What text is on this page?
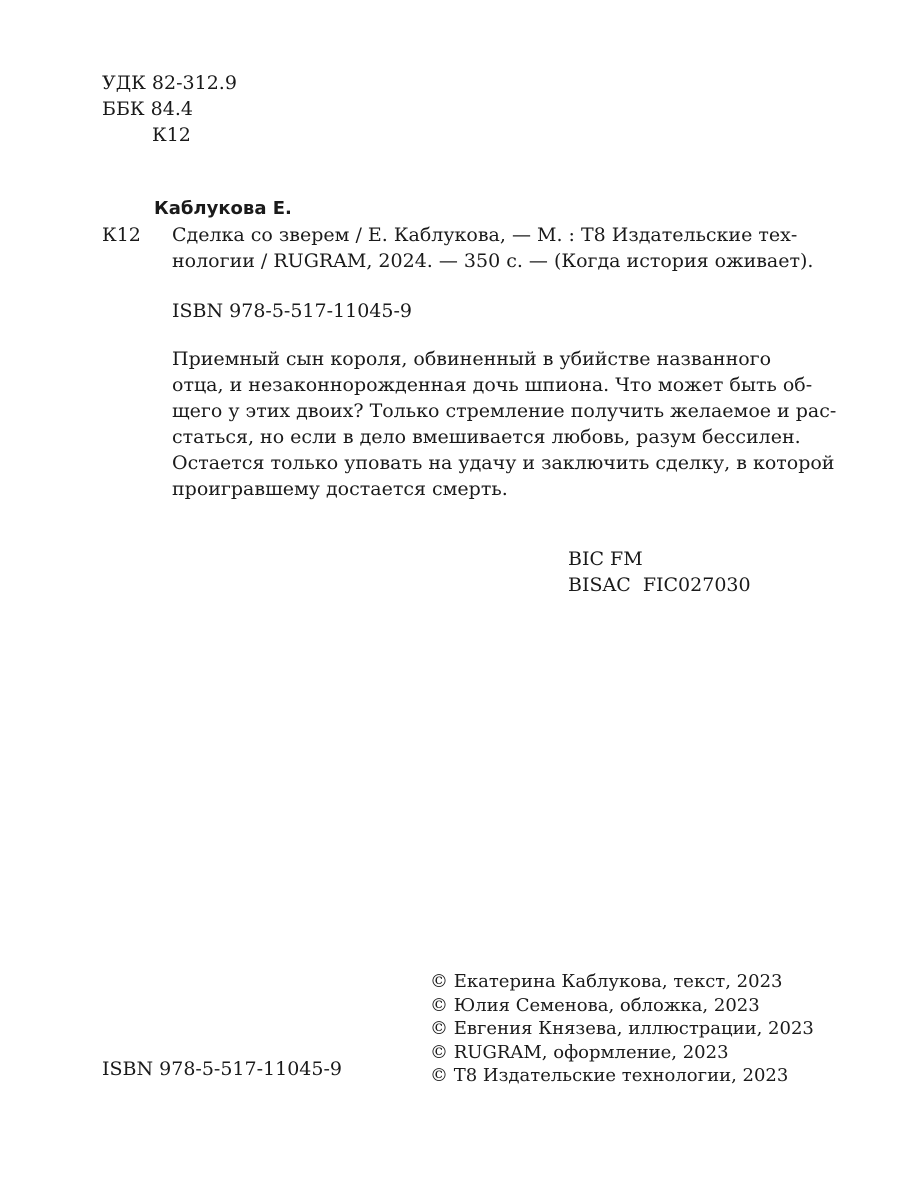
УДК 82-312.9
ББК 84.4
К12
Каблукова Е.
К12 Сделка со зверем / Е. Каблукова, — М. : Т8 Издательские тех-
нологии / RUGRAM, 2024. — 350 с. — (Когда история оживает).
ISBN 978-5-517-11045-9
Приемный сын короля, обвиненный в убийстве названного
отца, и незаконнорожденная дочь шпиона. Что может быть об-
щего у этих двоих? Только стремление получить желаемое и рас-
статься, но если в дело вмешивается любовь, разум бессилен.
Остается только уповать на удачу и заключить сделку, в которой
проигравшему достается смерть.
BIC FM
BISAC  FIC027030
ISBN 978-5-517-11045-9
© Екатерина Каблукова, текст, 2023
© Юлия Семенова, обложка, 2023
© Евгения Князева, иллюстрации, 2023
© RUGRAM, оформление, 2023
© Т8 Издательские технологии, 2023
